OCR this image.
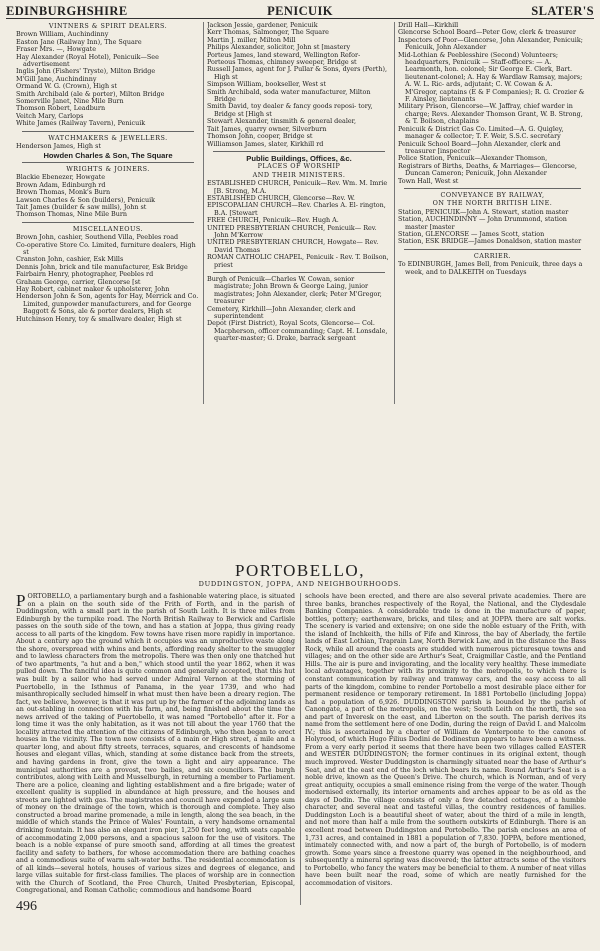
EDINBURGHSHIRE	PENICUIK	SLATER'S
VINTNERS & SPIRIT DEALERS.
Brown William, Auchindinny
Easton Jane (Railway Inn), The Square
Fraser Mrs. —, Howgate
Hay Alexander (Royal Hotel), Penicuik—See advertisement
Inglis John (Fishers' Tryste), Milton Bridge
M'Gill Jane, Auchindinny
Ormand W. G. (Crown), High st
Smith Archibald (ale & porter), Milton Bridge
Somerville Janet, Nine Mile Burn
Thomson Robert, Leadburn
Veitch Mary, Carlops
White James (Railway Tavern), Penicuik
WATCHMAKERS & JEWELLERS.
Henderson James, High st
Howden Charles & Son, The Square
WRIGHTS & JOINERS.
Blackie Ebenezer, Howgate
Brown Adam, Edinburgh rd
Brown Thomas, Monk's Burn
Lawson Charles & Son (builders), Penicuik
Tait James (builder & saw mills), John st
Thomson Thomas, Nine Mile Burn
MISCELLANEOUS.
Brown John, cashier, Southend Villa, Peebles road
Co-operative Store Co. Limited, furniture dealers, High st
Cranston John, cashier, Esk Mills
Dennis John, brick and tile manufacturer, Esk Bridge
Fairbairn Henry, photographer, Peebles rd
Graham George, carrier, Glencorse [st
Hay Robert, cabinet maker & upholsterer, John
Henderson John & Son, agents for Hay, Merrick and Co. Limited, gunpowder manufacturers, and for George Baggott & Sons, ale & porter dealers, High st
Hutchinson Henry, toy & smallware dealer, High st
Jackson Jessie, gardener, Penicuik
Kerr Thomas, Salmonger, The Square
Martin J. miller, Milton Mill
Philips Alexander, solicitor, John st [mastery
Porteus James, land steward, Wellington Refor-
Porteous Thomas, chimney sweeper, Bridge st
Russell James, agent for J. Pullar & Sons, dyers (Perth), High st
Simpson William, bookseller, West st
Smith Archibald, soda water manufacturer, Milton Bridge
Smith David, toy dealer & fancy goods reposi- tory, Bridge st [High st
Stewart Alexander, tinsmith & general dealer,
Tait James, quarry owner, Silverburn
Thomson John, cooper, Bridge st
Williamson James, slater, Kirkhill rd
Public Buildings, Offices, &c.
PLACES OF WORSHIP
AND THEIR MINISTERS.
ESTABLISHED CHURCH, Penicuik—Rev. Wm. M. Imrie [B. Strong, M.A.
ESTABLISHED CHURCH, Glencorse—Rev. W.
EPISCOPALIAN CHURCH—Rev. Charles A. El- rington, B.A. [Stewart
FREE CHURCH, Penicuik—Rev. Hugh A.
UNITED PRESBYTERIAN CHURCH, Penicuik— Rev. John M'Kerrow
UNITED PRESBYTERIAN CHURCH, Howgate— Rev. David Thomas
ROMAN CATHOLIC CHAPEL, Penicuik - Rev. T. Boilson, priest
Burgh of Penicuik—Charles W. Cowan, senior magistrate; John Brown & George Laing, junior magistrates; John Alexander, clerk; Peter M'Gregor, treasurer
Cemetery, Kirkhill—John Alexander, clerk and superintendent
Depot (First District), Royal Scots, Glencorse— Col. Macpherson, officer commanding; Capt. H. Lonsdale, quarter-master; G. Drake, barrack sergeant
Drill Hall—Kirkhill
Glencorse School Board—Peter Gow, clerk & treasurer
Inspectors of Poor—Glencorse, John Alexander, Penicuik; Penicuik, John Alexander
Mid-Lothian & Peeblesshire (Second) Volunteers; headquarters, Penicuik — Staff-officers: — A. Learmonth, hon. colonel; Sir George E. Clerk, Bart. lieutenant-colonel; A. Hay & Wardlaw Ramsay, majors; A. W. L. Ric- ards, adjutant; C. W. Cowan & A. M'Gregor, captains (E & F Companies); R. G. Crozier & F. Ainsley, lieutenants
Military Prison, Glencorse—W. Jaffray, chief warder in charge; Revs. Alexander Thomson Grant, W. B. Strong, & T. Boilson, chaplains
Penicuik & District Gas Co. Limited—A. G. Quigley, manager & collector; T. F. Weir, S.S.C. secretary
Penicuik School Board—John Alexander, clerk and treasurer [inspector
Police Station, Penicuik—Alexander Thomson,
Registrars of Births, Deaths, & Marriages— Glencorse, Duncan Cameron; Penicuik, John Alexander
Town Hall, West st
CONVEYANCE BY RAILWAY,
ON THE NORTH BRITISH LINE.
Station, PENICUIK—John A. Stewart, station master
Station, AUCHINDINNY — John Drummond, station master [master
Station, GLENCORSE — James Scott, station
Station, ESK BRIDGE—James Donaldson, station master
CARRIER.
To EDINBURGH, James Bell, from Penicuik, three days a week, and to DALKEITH on Tuesdays
PORTOBELLO,
DUDDINGSTON, JOPPA, AND NEIGHBOURHOODS.
PORTOBELLO, a parliamentary burgh and a fashionable watering place, is situated on a plain on the south side of the Frith of Forth, and in the parish of Duddingston, with a small part in the parish of South Leith. It is three miles from Edinburgh by the turnpike road. The North British Railway to Berwick and Carlisle passes on the south side of the town, and has a station at Joppa, thus giving ready access to all parts of the kingdom. Few towns have risen more rapidly in importance. About a century ago the ground which it occupies was an unproductive waste along the shore, overspread with whins and bents, affording ready shelter to the smuggler and to lawless characters from the metropolis. There was then only one thatched hut of two apartments, "a hut and a ben," which stood until the year 1862, when it was pulled down. The fanciful idea is quite common and generally accepted, that this hut was built by a sailor who had served under Admiral Vernon at the storming of Puertobello, in the Isthmus of Panama, in the year 1739, and who had misanthropically secluded himself in what must then have been a dreary region. The fact, we believe, however, is that it was put up by the farmer of the adjoining lands as an out-stabling in connection with his farm, and, being finished about the time the news arrived of the taking of Puertobello, it was named "Portobello" after it. For a long time it was the only habitation, as it was not till about the year 1760 that the locality attracted the attention of the citizens of Edinburgh, who then began to erect houses in the vicinity. The town now consists of a main or High street, a mile and a quarter long, and about fifty streets, terraces, squares, and crescents of handsome houses and elegant villas, which, standing at some distance back from the streets, and having gardens in front, give the town a light and airy appearance. The municipal authorities are a provost, two bailies, and six councillors. The burgh contributes, along with Leith and Musselburgh, in returning a member to Parliament. There are a police, cleaning and lighting establishment and a fire brigade; water of excellent quality is supplied in abundance at high pressure, and the houses and streets are lighted with gas. The magistrates and council have expended a large sum of money on the drainage of the town, which is thorough and complete. They also constructed a broad marine promenade, a mile in length, along the sea beach, in the middle of which stands the Prince of Wales' Fountain, a very handsome ornamental drinking fountain. It has also an elegant iron pier, 1,250 feet long, with seats capable of accommodating 2,000 persons, and a spacious saloon for the use of visitors. The beach is a noble expanse of pure smooth sand, affording at all times the greatest facility and safety to bathers, for whose accommodation there are bathing coaches and a commodious suite of warm salt-water baths. The residential accommodation is of all kinds—several hotels, houses of various sizes and degrees of elegance, and large villas suitable for first-class families. The places of worship are in connection with the Church of Scotland, the Free Church, United Presbyterian, Episcopal, Congregational, and Roman Catholic; commodious and handsome Board
schools have been erected, and there are also several private academies. There are three banks, branches respectively of the Royal, the National, and the Clydesdale Banking Companies. A considerable trade is done in the manufacture of paper, bottles, pottery; earthenware, bricks, and tiles; and at JOPPA there are salt works. The scenery is varied and extensive; on one side the noble estuary of the Frith, with the island of Inchkeith, the hills of Fife and Kinross, the bay of Aberlady, the fertile lands of East Lothian, Traprain Law, North Berwick Law, and in the distance the Bass Rock, while all around the coasts are studded with numerous picturesque towns and villages; and on the other side are Arthur's Seat, Craigmillar Castle, and the Pentland Hills. The air is pure and invigorating, and the locality very healthy. These immediate local advantages, together with its proximity to the metropolis, to which there is constant communication by railway and tramway cars, and the easy access to all parts of the kingdom, combine to render Portobello a most desirable place either for permanent residence or temporary retirement. In 1881 Portobello (including Joppa) had a population of 6,926. DUDDINGSTON parish is bounded by the parish of Canongate, a part of the metropolis, on the west; South Leith on the north, the sea and part of Inveresk on the east, and Liberton on the south. The parish derives its name from the settlement here of one Dodin, during the reign of David I. and Malcolm IV.; this is ascertained by a charter of William de Venterponte to the canons of Holyrood, of which Hugo Filius Dodini de Dodinestun appears to have been a witness. From a very early period it seems that there have been two villages called EASTER and WESTER DUDDINGSTON; the former continues in its original extent, though much improved. Wester Duddingston is charmingly situated near the base of Arthur's Seat, and at the east end of the loch which bears its name. Round Arthur's Seat is a noble drive, known as the Queen's Drive. The church, which is Norman, and of very great antiquity, occupies a small eminence rising from the verge of the water. Though modernised externally, its interior ornaments and arches appear to be as old as the days of Dodin. The village consists of only a few detached cottages, of a humble character, and several neat and tasteful villas, the country residences of families. Duddingston Loch is a beautiful sheet of water, about the third of a mile in length, and not more than half a mile from the southern outskirts of Edinburgh. There is an excellent road between Duddingston and Portobello. The parish encloses an area of 1,731 acres, and contained in 1881 a population of 7,830. JOPPA, before mentioned, intimately connected with, and now a part of, the burgh of Portobello, is of modern growth. Some years since a freestone quarry was opened in the neighbourhood, and subsequently a mineral spring was discovered; the latter attracts some of the visitors to Portobello, who fancy the waters may be beneficial to them. A number of neat villas have been built near the road, some of which are neatly furnished for the accommodation of visitors.
496
